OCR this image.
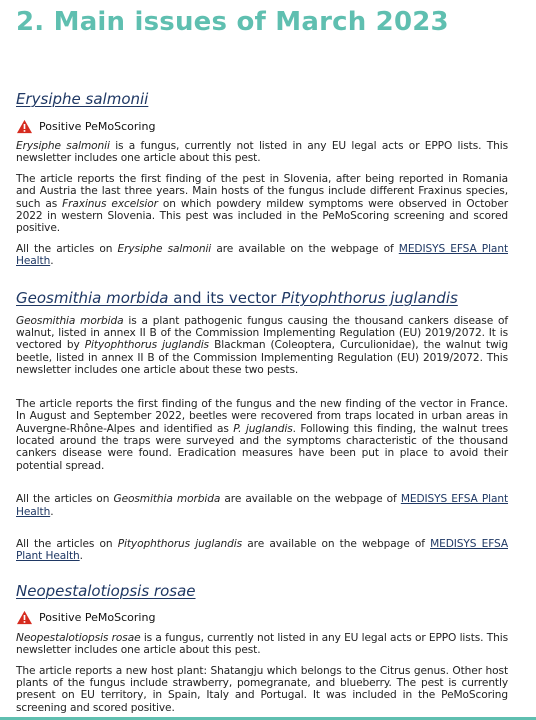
2. Main issues of March 2023
Erysiphe salmonii
Positive PeMoScoring

Erysiphe salmonii is a fungus, currently not listed in any EU legal acts or EPPO lists. This newsletter includes one article about this pest.

The article reports the first finding of the pest in Slovenia, after being reported in Romania and Austria the last three years. Main hosts of the fungus include different Fraxinus species, such as Fraxinus excelsior on which powdery mildew symptoms were observed in October 2022 in western Slovenia. This pest was included in the PeMoScoring screening and scored positive.

All the articles on Erysiphe salmonii are available on the webpage of MEDISYS EFSA Plant Health.

Geosmithia morbida and its vector Pityophthorus juglandis

Geosmithia morbida is a plant pathogenic fungus causing the thousand cankers disease of walnut, listed in annex II B of the Commission Implementing Regulation (EU) 2019/2072. It is vectored by Pityophthorus juglandis Blackman (Coleoptera, Curculionidae), the walnut twig beetle, listed in annex II B of the Commission Implementing Regulation (EU) 2019/2072. This newsletter includes one article about these two pests.

The article reports the first finding of the fungus and the new finding of the vector in France. In August and September 2022, beetles were recovered from traps located in urban areas in Auvergne-Rhône-Alpes and identified as P. juglandis. Following this finding, the walnut trees located around the traps were surveyed and the symptoms characteristic of the thousand cankers disease were found. Eradication measures have been put in place to avoid their potential spread.

All the articles on Geosmithia morbida are available on the webpage of MEDISYS EFSA Plant Health.

All the articles on Pityophthorus juglandis are available on the webpage of MEDISYS EFSA Plant Health.

Neopestalotiopsis rosae
Positive PeMoScoring

Neopestalotiopsis rosae is a fungus, currently not listed in any EU legal acts or EPPO lists. This newsletter includes one article about this pest.

The article reports a new host plant: Shatangju which belongs to the Citrus genus. Other host plants of the fungus include strawberry, pomegranate, and blueberry. The pest is currently present on EU territory, in Spain, Italy and Portugal. It was included in the PeMoScoring screening and scored positive.
